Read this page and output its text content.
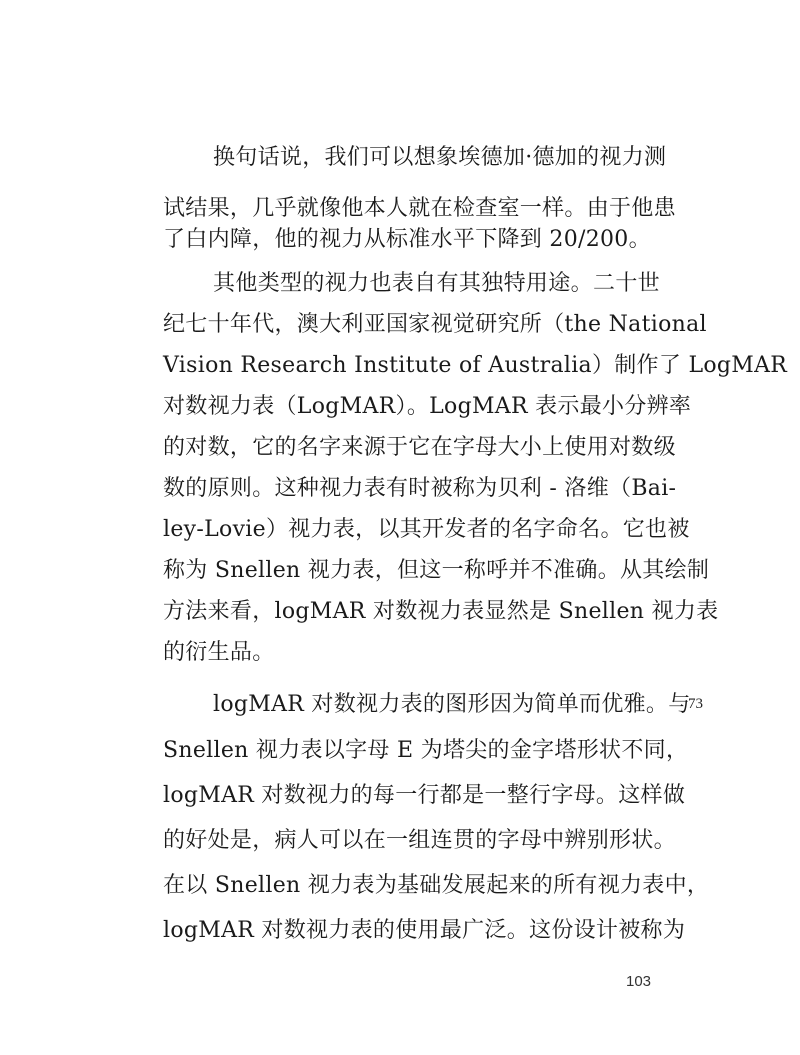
换句话说，我们可以想象埃德加·德加的视力测
试结果，几乎就像他本人就在检查室一样。由于他患
了白内障，他的视力从标准水平下降到 20/200。
其他类型的视力也表自有其独特用途。二十世
纪七十年代，澳大利亚国家视觉研究所（the National
Vision Research Institute of Australia）制作了 LogMAR
对数视力表（LogMAR）。LogMAR 表示最小分辨率
的对数，它的名字来源于它在字母大小上使用对数级
数的原则。这种视力表有时被称为贝利 - 洛维（Bai-
ley-Lovie）视力表，以其开发者的名字命名。它也被
称为 Snellen 视力表，但这一称呼并不准确。从其绘制
方法来看，logMAR 对数视力表显然是 Snellen 视力表
的衍生品。
logMAR 对数视力表的图形因为简单而优雅。与
Snellen 视力表以字母 E 为塔尖的金字塔形状不同，
logMAR 对数视力的每一行都是一整行字母。这样做
的好处是，病人可以在一组连贯的字母中辨别形状。
在以 Snellen 视力表为基础发展起来的所有视力表中，
logMAR 对数视力表的使用最广泛。这份设计被称为
73
103
